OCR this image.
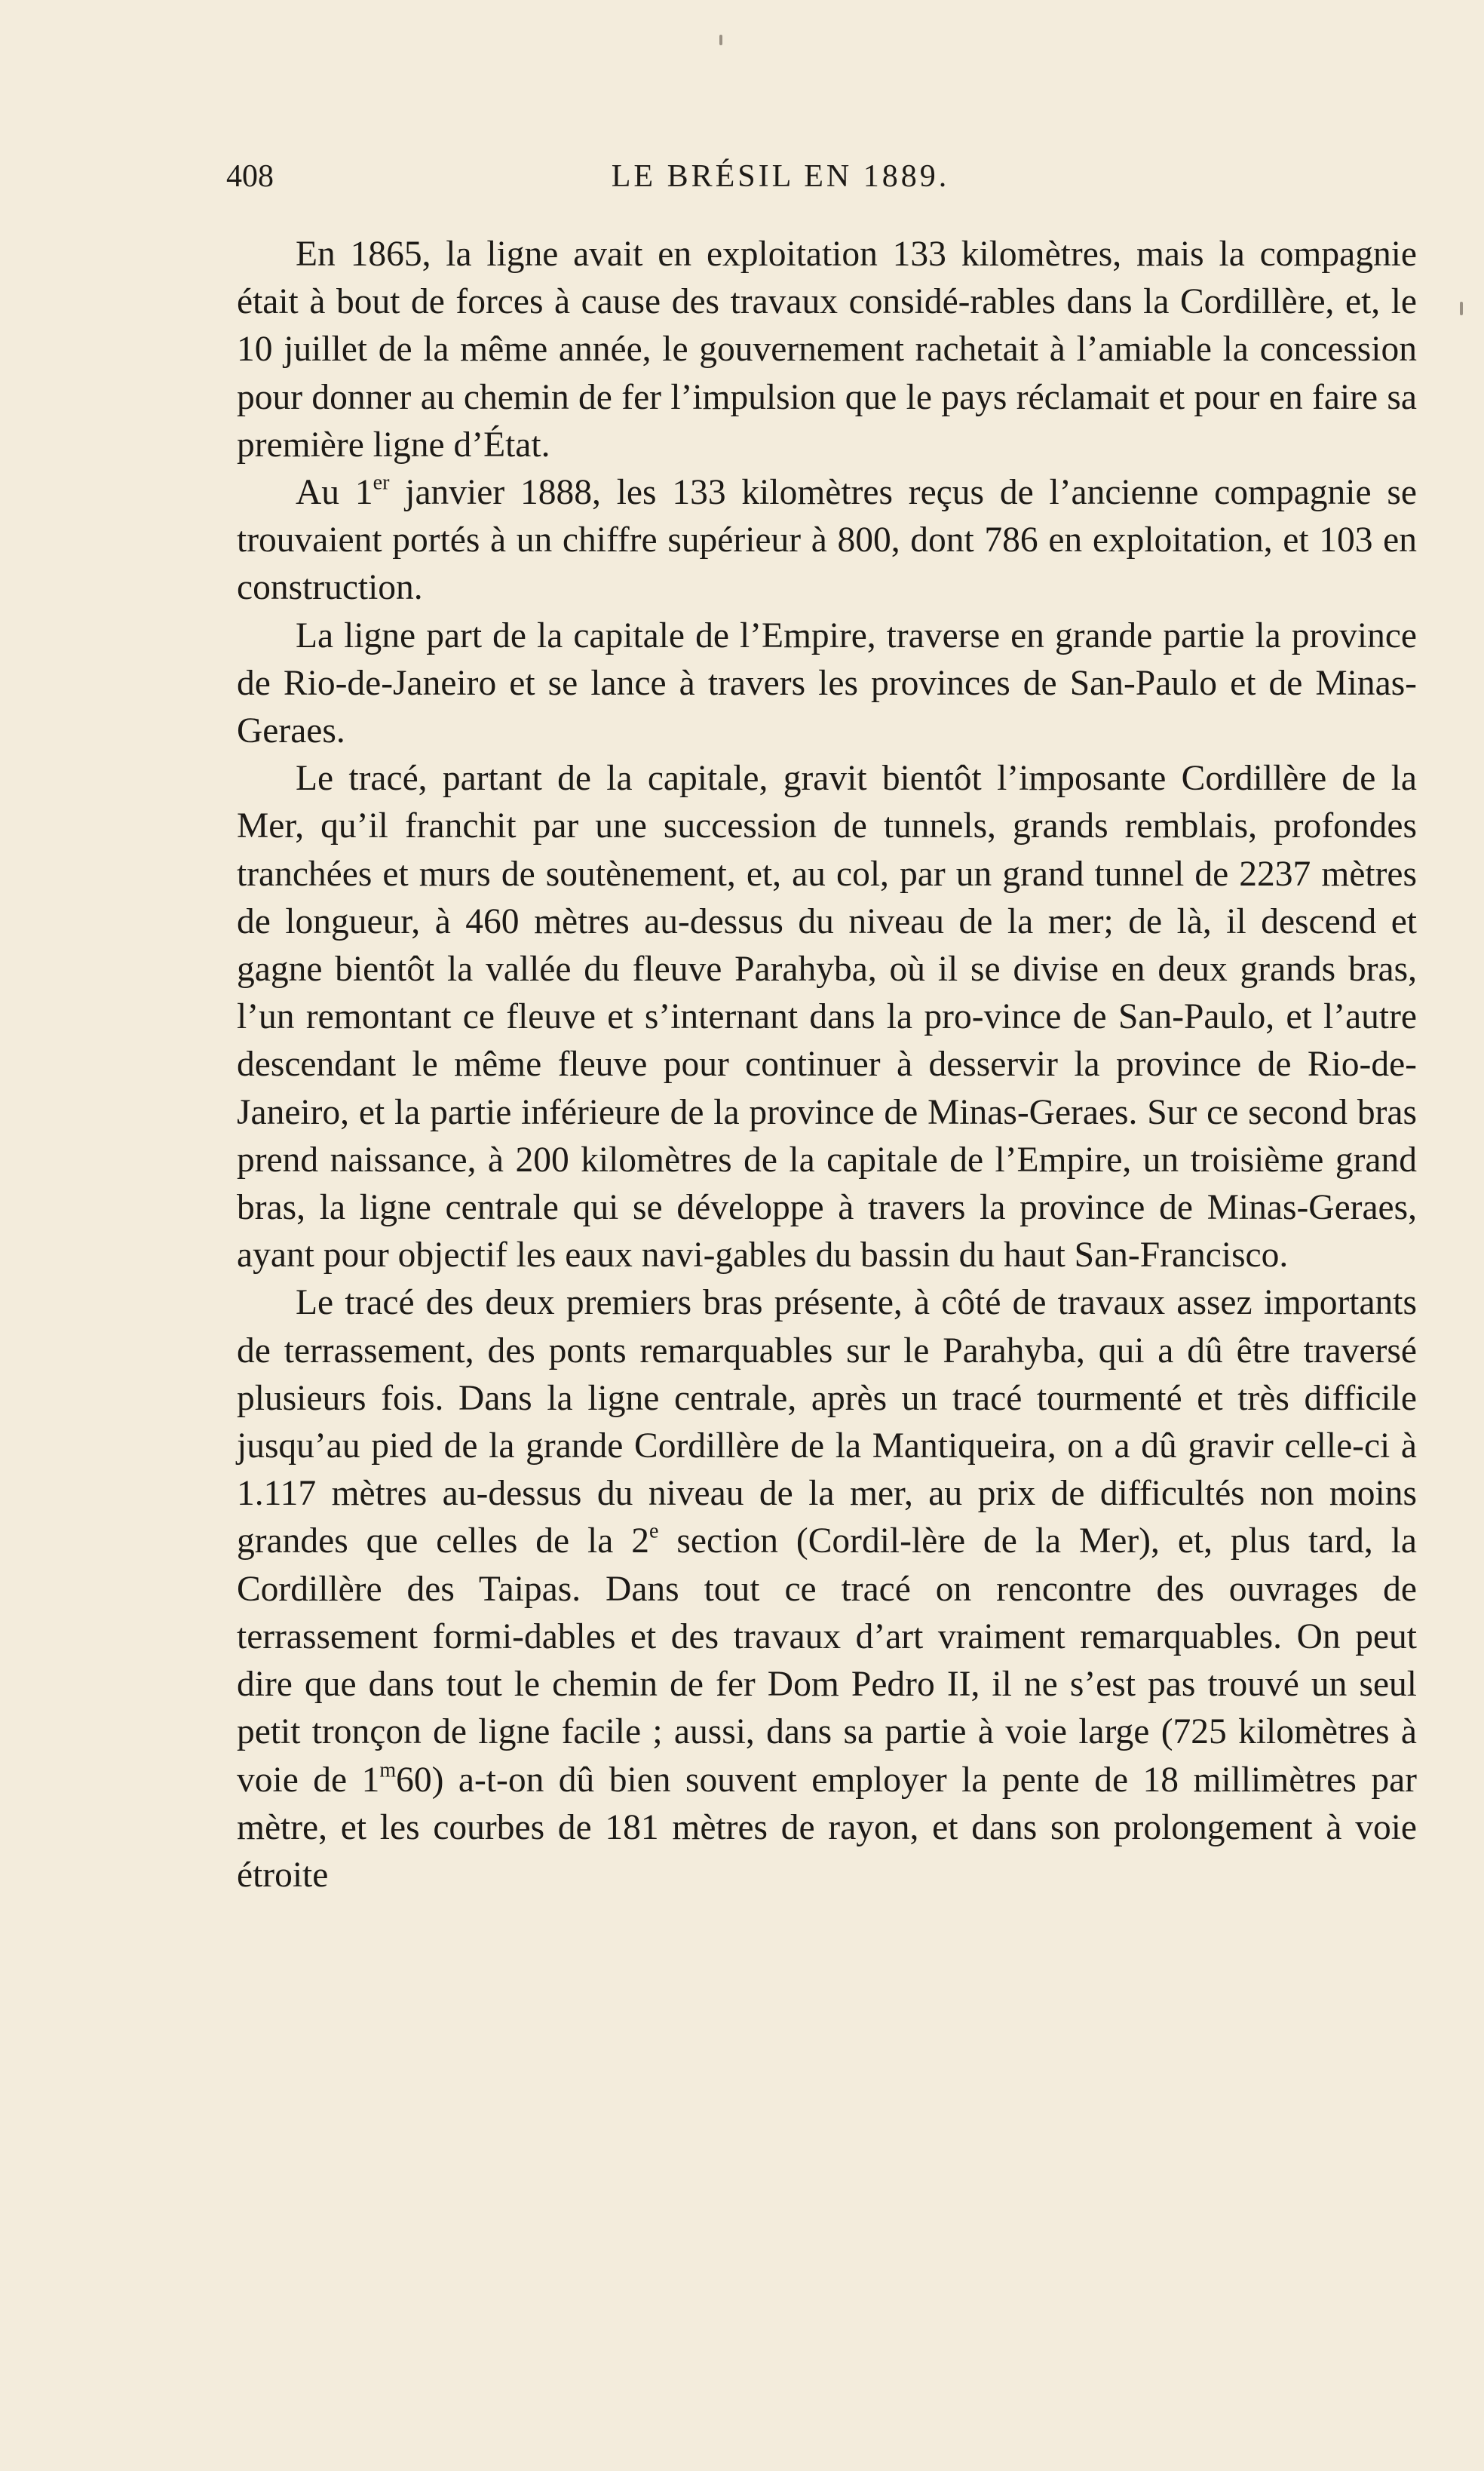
408	LE BRÉSIL EN 1889.

En 1865, la ligne avait en exploitation 133 kilomètres, mais la compagnie était à bout de forces à cause des travaux considé-rables dans la Cordillère, et, le 10 juillet de la même année, le gouvernement rachetait à l’amiable la concession pour donner au chemin de fer l’impulsion que le pays réclamait et pour en faire sa première ligne d’État.

Au 1er janvier 1888, les 133 kilomètres reçus de l’ancienne compagnie se trouvaient portés à un chiffre supérieur à 800, dont 786 en exploitation, et 103 en construction.

La ligne part de la capitale de l’Empire, traverse en grande partie la province de Rio-de-Janeiro et se lance à travers les provinces de San-Paulo et de Minas-Geraes.

Le tracé, partant de la capitale, gravit bientôt l’imposante Cordillère de la Mer, qu’il franchit par une succession de tunnels, grands remblais, profondes tranchées et murs de soutènement, et, au col, par un grand tunnel de 2237 mètres de longueur, à 460 mètres au-dessus du niveau de la mer; de là, il descend et gagne bientôt la vallée du fleuve Parahyba, où il se divise en deux grands bras, l’un remontant ce fleuve et s’internant dans la pro-vince de San-Paulo, et l’autre descendant le même fleuve pour continuer à desservir la province de Rio-de-Janeiro, et la partie inférieure de la province de Minas-Geraes. Sur ce second bras prend naissance, à 200 kilomètres de la capitale de l’Empire, un troisième grand bras, la ligne centrale qui se développe à travers la province de Minas-Geraes, ayant pour objectif les eaux navi-gables du bassin du haut San-Francisco.

Le tracé des deux premiers bras présente, à côté de travaux assez importants de terrassement, des ponts remarquables sur le Parahyba, qui a dû être traversé plusieurs fois. Dans la ligne centrale, après un tracé tourmenté et très difficile jusqu’au pied de la grande Cordillère de la Mantiqueira, on a dû gravir celle-ci à 1.117 mètres au-dessus du niveau de la mer, au prix de difficultés non moins grandes que celles de la 2e section (Cordil-lère de la Mer), et, plus tard, la Cordillère des Taipas. Dans tout ce tracé on rencontre des ouvrages de terrassement formi-dables et des travaux d’art vraiment remarquables. On peut dire que dans tout le chemin de fer Dom Pedro II, il ne s’est pas trouvé un seul petit tronçon de ligne facile ; aussi, dans sa partie à voie large (725 kilomètres à voie de 1$^m$60) a-t-on dû bien souvent employer la pente de 18 millimètres par mètre, et les courbes de 181 mètres de rayon, et dans son prolongement à voie étroite
